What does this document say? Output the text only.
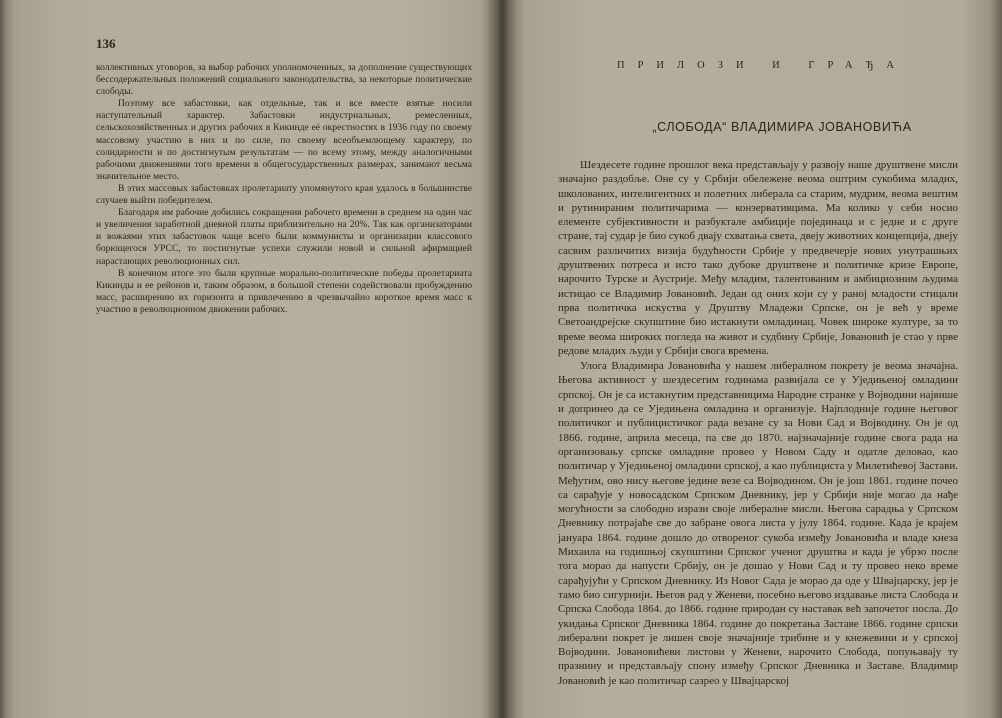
136

коллективных уговоров, за выбор рабочих уполномоченных, за дополнение существующих бессодержательных положений социального законодательства, за некоторые политические слободы.

Поэтому все забастовки, как отдельные, так и все вместе взятые носили наступательный характер. Забастовки индустриальных, ремесленных, сельскохозяйственных и других рабочих в Кикинде её окрестностях в 1936 году по своему массовому участию в них и по силе, по своему всеобъемлющему характеру, по солидарности и по достигнутым результатам — по всему этому, между аналогичными рабочими движениями того времени в общегосударственных размерах, занимают весьма значительное место.

В этих массовых забастовках пролетариату упомянутого края удалось в большинстве случаев выйти победителем.

Благодаря им рабочие добились сокращения рабочего времени в среднем на один час и увеличения заработной дневной платы приблизительно на 20%. Так как организаторами и вожаями этих забастовок чаще всего были коммунисты и организации классового борющегося УРСС, то постигнутые успехи служили новой и сильной афирмацией нарастающих революционных сил.

В конечном итоге это были крупные морально-политические победы пролетариата Кикинды и ее рейонов и, таким образом, в большой степени содействовали пробуждению масс, расширению их горизонта и привлечению в чрезвычайно короткое время масс к участию в революционном движении рабочих.

ПРИЛОЗИ И ГРАЂА
„СЛОБОДА“ ВЛАДИМИРА ЈОВАНОВИЋА

Шездесете године прошлог века представљају у развоју наше друштвене мисли значајно раздобље. Оне су у Србији обележене веома оштрим сукобима младих, школованих, интелигентних и полетних либерала са старим, мудрим, веома вештим и рутинираним политичарима — конзервативцима. Ма колико у себи носио елементе субјективности и разбуктале амбиције појединаца и с једне и с друге стране, тај судар је био сукоб двају схватања света, двеју животних концепција, двеју сасвим различитих визија будућности Србије у предвечерје нових унутрашњих друштвених потреса и исто тако дубоке друштвене и политичке кризе Европе, нарочито Турске и Аустрије. Међу младим, талентованим и амбициозним људима истицао се Владимир Јовановић. Један од оних који су у раној младости стицали прва политичка искуства у Друштву Младежи Српске, он је већ у време Светоандрејске скупштине био истакнути омладинац. Човек широке културе, за то време веома широких погледа на живот и судбину Србије, Јовановић је стао у прве редове младих људи у Србији свога времена.

Улога Владимира Јовановића у нашем либералном покрету је веома значајна. Његова активност у шездесетим годинама развијала се у Уједињеној омладини српској. Он је са истакнутим представницима Народне странке у Војводини највише и допринео да се Уједињена омладина и организује. Најплодније године његовог политичког и публицистичког рада везане су за Нови Сад и Војводину. Он је од 1866. године, априла месеца, па све до 1870. најзначајније године свога рада на организовању српске омладине провео у Новом Саду и одатле деловао, као политичар у Уједињеној омладини српској, а као публициста у Милетићевој Застави. Међутим, ово нису његове једине везе са Војводином. Он је још 1861. године почео са сарађује у новосадском Српском Дневнику, јер у Србији није могао да нађе могућности за слободно изрази своје либералне мисли. Његова сарадња у Српском Дневнику потрајаће све до забране овога листа у јулу 1864. године. Када је крајем јануара 1864. године дошло до отвореног сукоба између Јовановића и владе кнеза Михаила на годишњој скупштини Српског ученог друштва и када је убрзо после тога морао да напусти Србију, он је дошао у Нови Сад и ту провео нeко време сарађујући у Српском Дневнику. Из Новог Сада је морао да оде у Швајцарску, јер је тамо био сигурнији. Његов рад у Женеви, посебно његово издавање листа Слобода и Српска Слобода 1864. до 1866. године природан су наставак већ започетог посла. До укидања Српског Дневника 1864. године до покретања Заставе 1866. године српски либерални покрет је лишен своје значајније трибине и у кнежевини и у српској Војводини. Јовановићеви листови у Женеви, нарочито Слобода, попуњавају ту празнину и представљају спону између Српског Дневника и Заставе. Владимир Јовановић је као политичар сазрео у Швајцарској
